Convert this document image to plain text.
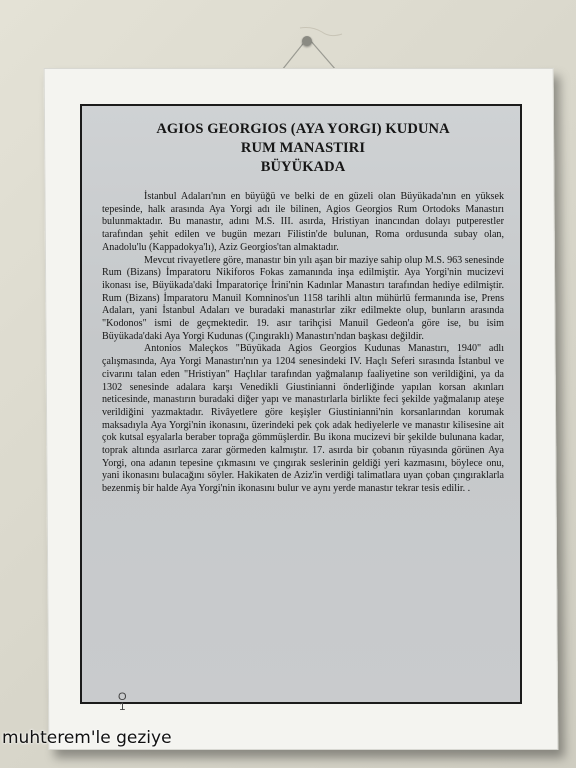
AGIOS GEORGIOS (AYA YORGI) KUDUNA
RUM MANASTIRI
BÜYÜKADA

İstanbul Adaları'nın en büyüğü ve belki de en güzeli olan Büyükada'nın en yüksek tepesinde, halk arasında Aya Yorgi adı ile bilinen, Agios Georgios Rum Ortodoks Manastırı bulunmaktadır. Bu manastır, adını M.S. III. asırda, Hristiyan inancından dolayı putperestler tarafından şehit edilen ve bugün mezarı Filistin'de bulunan, Roma ordusunda subay olan, Anadolu'lu (Kappadokya'lı), Aziz Georgios'tan almaktadır.

Mevcut rivayetlere göre, manastır bin yılı aşan bir maziye sahip olup M.S. 963 senesinde Rum (Bizans) İmparatoru Nikiforos Fokas zamanında inşa edilmiştir. Aya Yorgi'nin mucizevi ikonası ise, Büyükada'daki İmparatoriçe İrini'nin Kadınlar Manastırı tarafından hediye edilmiştir. Rum (Bizans) İmparatoru Manuil Komninos'un 1158 tarihli altın mühürlü fermanında ise, Prens Adaları, yani İstanbul Adaları ve buradaki manastırlar zikr edilmekte olup, bunların arasında "Kodonos" ismi de geçmektedir. 19. asır tarihçisi Manuil Gedeon'a göre ise, bu isim Büyükada'daki Aya Yorgi Kudunas (Çıngıraklı) Manastırı'ndan başkası değildir.

Antonios Maleçkos "Büyükada Agios Georgios Kudunas Manastırı, 1940" adlı çalışmasında, Aya Yorgi Manastırı'nın ya 1204 senesindeki IV. Haçlı Seferi sırasında İstanbul ve civarını talan eden "Hristiyan" Haçlılar tarafından yağmalanıp faaliyetine son verildiğini, ya da 1302 senesinde adalara karşı Venedikli Giustinianni önderliğinde yapılan korsan akınları neticesinde, manastırın buradaki diğer yapı ve manastırlarla birlikte feci şekilde yağmalanıp ateşe verildiğini yazmaktadır. Rivâyetlere göre keşişler Giustinianni'nin korsanlarından korumak maksadıyla Aya Yorgi'nin ikonasını, üzerindeki pek çok adak hediyelerle ve manastır kilisesine ait çok kutsal eşyalarla beraber toprağa gömmüşlerdir. Bu ikona mucizevi bir şekilde bulunana kadar, toprak altında asırlarca zarar görmeden kalmıştır. 17. asırda bir çobanın rüyasında görünen Aya Yorgi, ona adanın tepesine çıkmasını ve çıngırak seslerinin geldiği yeri kazmasını, böylece onu, yani ikonasını bulacağını söyler. Hakikaten de Aziz'in verdiği talimatlara uyan çoban çıngıraklarla bezenmiş bir halde Aya Yorgi'nin ikonasını bulur ve aynı yerde manastır tekrar tesis edilir. .

O
1
muhterem'le geziye
